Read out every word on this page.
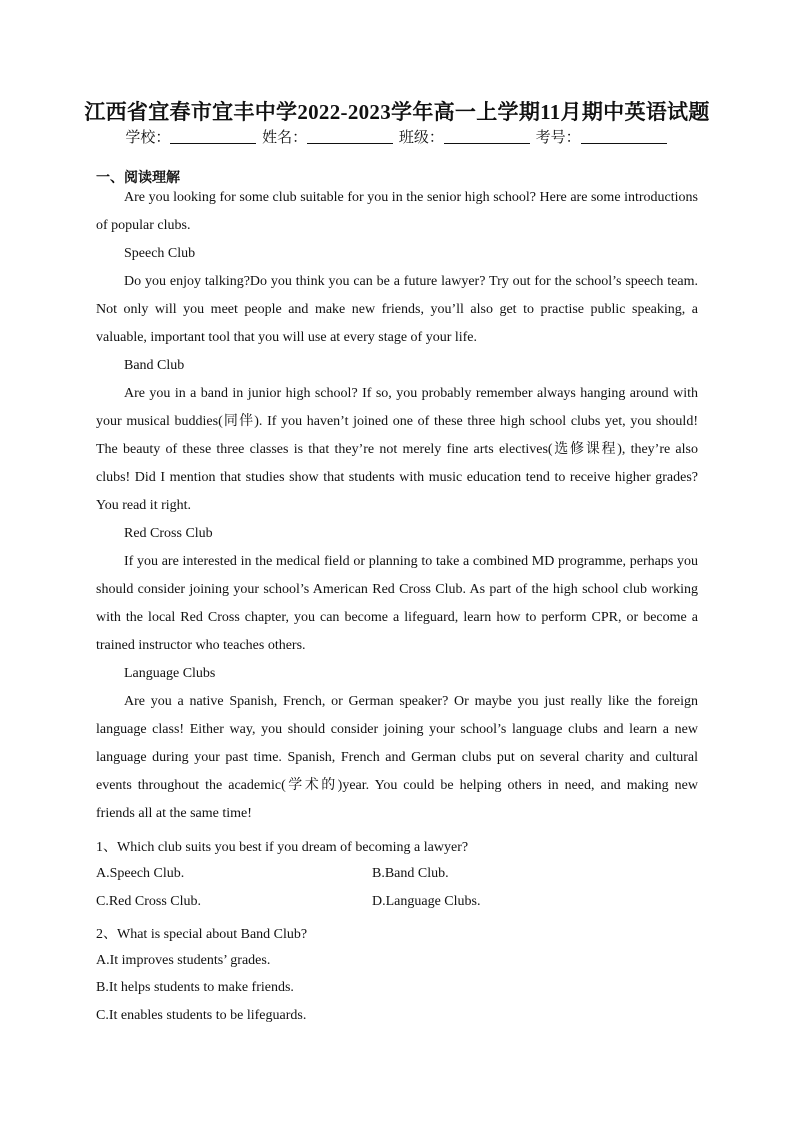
江西省宜春市宜丰中学2022-2023学年高一上学期11月期中英语试题
学校：	姓名：	班级：	考号：
一、阅读理解

Are you looking for some club suitable for you in the senior high school? Here are some introductions of popular clubs.

Speech Club

Do you enjoy talking?Do you think you can be a future lawyer? Try out for the school’s speech team. Not only will you meet people and make new friends, you’ll also get to practise public speaking, a valuable, important tool that you will use at every stage of your life.

Band Club

Are you in a band in junior high school? If so, you probably remember always hanging around with your musical buddies(同伴). If you haven’t joined one of these three high school clubs yet, you should! The beauty of these three classes is that they’re not merely fine arts electives(选修课程), they’re also clubs! Did I mention that studies show that students with music education tend to receive higher grades? You read it right.

Red Cross Club

If you are interested in the medical field or planning to take a combined MD programme, perhaps you should consider joining your school’s American Red Cross Club. As part of the high school club working with the local Red Cross chapter, you can become a lifeguard, learn how to perform CPR, or become a trained instructor who teaches others.

Language Clubs

Are you a native Spanish, French, or German speaker? Or maybe you just really like the foreign language class! Either way, you should consider joining your school’s language clubs and learn a new language during your past time. Spanish, French and German clubs put on several charity and cultural events throughout the academic(学术的)year. You could be helping others in need, and making new friends all at the same time!

1、Which club suits you best if you dream of becoming a lawyer?
A.Speech Club.	B.Band Club.
C.Red Cross Club.	D.Language Clubs.
2、What is special about Band Club?
A.It improves students’ grades.
B.It helps students to make friends.
C.It enables students to be lifeguards.
